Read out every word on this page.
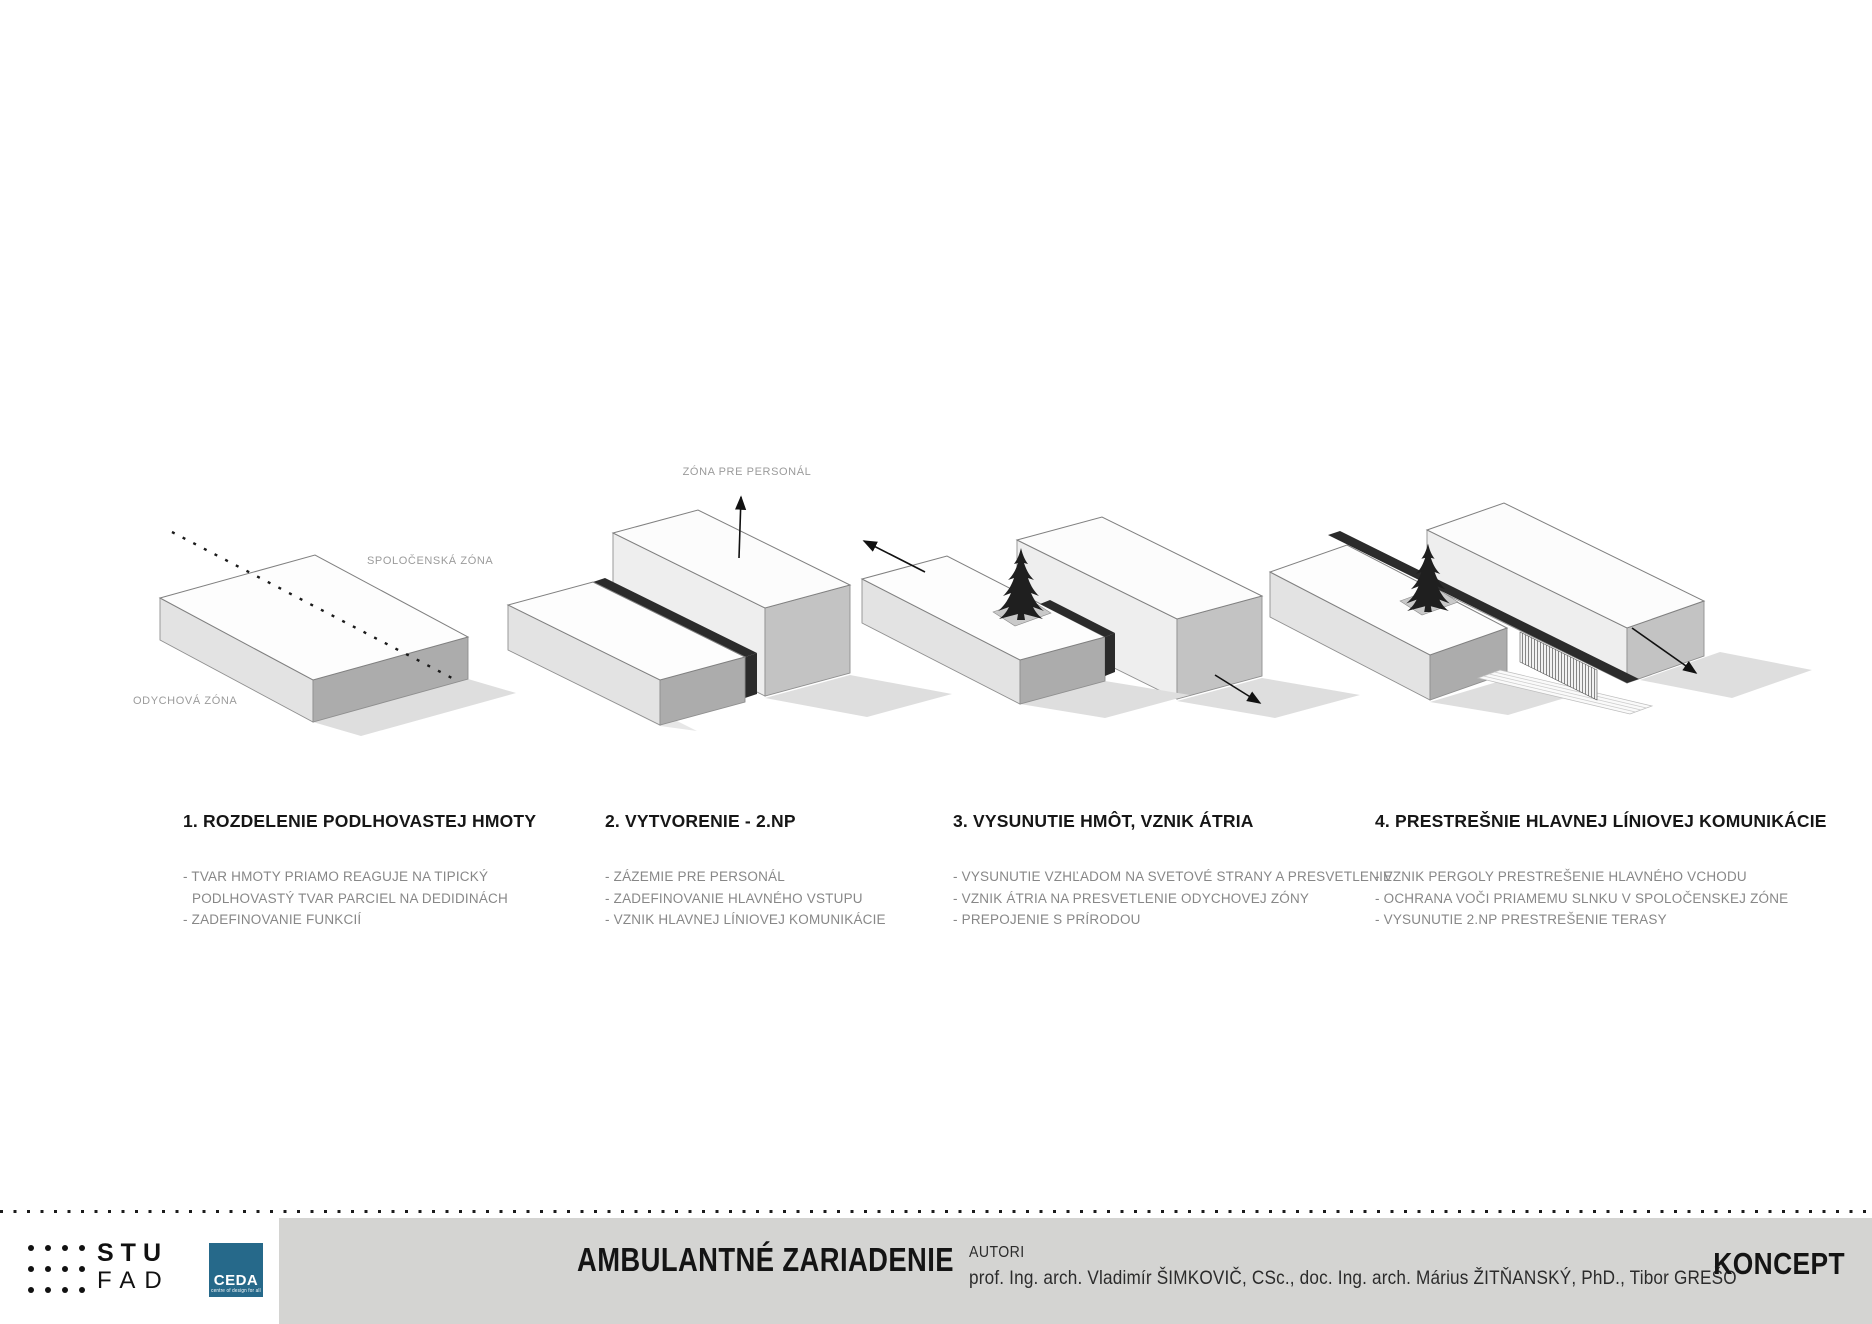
SPOLOČENSKÁ ZÓNA
ODYCHOVÁ ZÓNA
ZÓNA PRE PERSONÁL
1. ROZDELENIE PODLHOVASTEJ HMOTY
- TVAR HMOTY PRIAMO REAGUJE NA TIPICKÝ
PODLHOVASTÝ TVAR PARCIEL NA DEDIDINÁCH
- ZADEFINOVANIE FUNKCIÍ
2. VYTVORENIE - 2.NP
- ZÁZEMIE PRE PERSONÁL
- ZADEFINOVANIE HLAVNÉHO VSTUPU
- VZNIK HLAVNEJ LÍNIOVEJ KOMUNIKÁCIE
3. VYSUNUTIE HMÔT, VZNIK ÁTRIA
- VYSUNUTIE VZHĽADOM NA SVETOVÉ STRANY A PRESVETLENIE
- VZNIK ÁTRIA NA PRESVETLENIE ODYCHOVEJ ZÓNY
- PREPOJENIE S PRÍRODOU
4. PRESTREŠNIE HLAVNEJ LÍNIOVEJ KOMUNIKÁCIE
- VZNIK PERGOLY PRESTREŠENIE HLAVNÉHO VCHODU
- OCHRANA VOČI PRIAMEMU SLNKU V SPOLOČENSKEJ ZÓNE
- VYSUNUTIE 2.NP PRESTREŠENIE TERASY
STU
FAD	CEDA
centre of design for all
AMBULANTNÉ ZARIADENIE AUTORI
prof. Ing. arch. Vladimír ŠIMKOVIČ, CSc., doc. Ing. arch. Márius ŽITŇANSKÝ, PhD., Tibor GREŠO
KONCEPT
